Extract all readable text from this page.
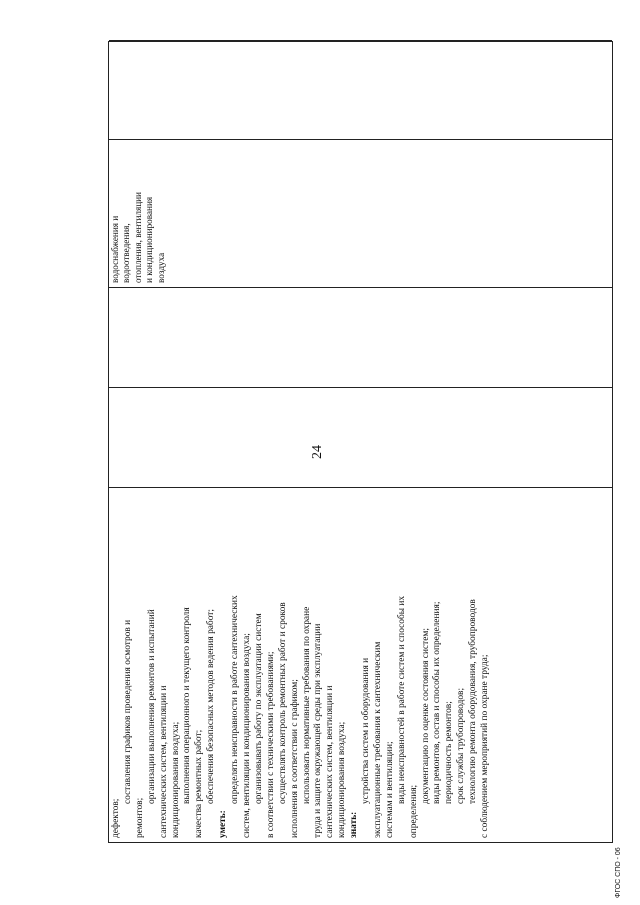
24
ФГОС СПО - 06
дефектов;
составления графиков проведения осмотров и
ремонтов;
организации выполнения ремонтов и испытаний сантехнических систем, вентиляции и кондиционирования воздуха; выполнения операционного и текущего контроля качества ремонтных работ; обеспечения безопасных методов ведения работ;
уметь:
определять неисправности в работе сантехнических систем, вентиляции и кондиционирования воздуха; организовывать работу по эксплуатации систем в соответствии с техническими требованиями; осуществлять контроль ремонтных работ и сроков исполнения в соответствии с графиком; использовать нормативные требования по охране труда и защите окружающей среды при эксплуатации сантехнических систем, вентиляции и кондиционирования воздуха; знать:
устройства систем и оборудования и эксплуатационные требования к сантехническим системам и вентиляции; виды неисправностей в работе систем и способы их
определения;
документацию по оценке состояния систем; виды ремонтов, состав и способы их определения; периодичность ремонтов; срок службы трубопроводов; технологию ремонта оборудования, трубопроводов с соблюдением мероприятий по охране труда;
водоснабжения и водоотведения, отопления, вентиляции и кондиционирования воздуха
